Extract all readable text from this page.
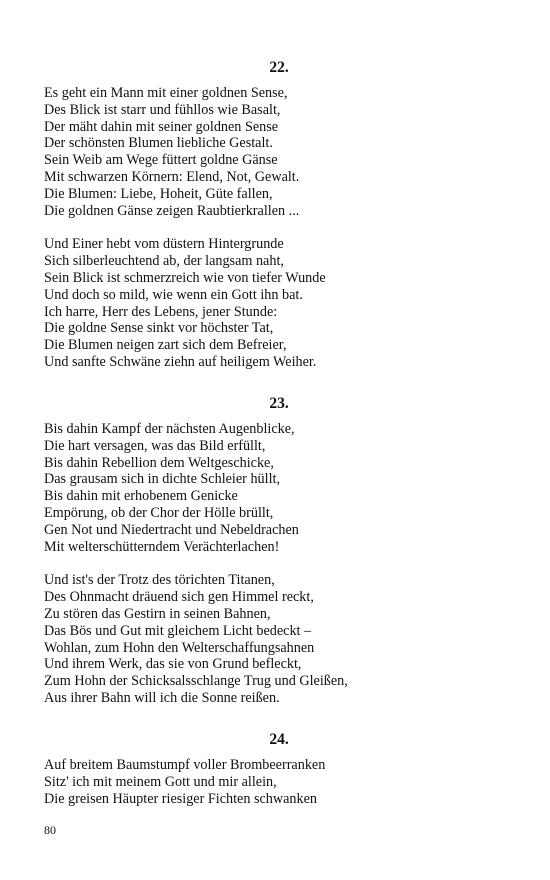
22.
Es geht ein Mann mit einer goldnen Sense,
Des Blick ist starr und fühllos wie Basalt,
Der mäht dahin mit seiner goldnen Sense
Der schönsten Blumen liebliche Gestalt.
Sein Weib am Wege füttert goldne Gänse
Mit schwarzen Körnern: Elend, Not, Gewalt.
Die Blumen: Liebe, Hoheit, Güte fallen,
Die goldnen Gänse zeigen Raubtierkrallen ...
Und Einer hebt vom düstern Hintergrunde
Sich silberleuchtend ab, der langsam naht,
Sein Blick ist schmerzreich wie von tiefer Wunde
Und doch so mild, wie wenn ein Gott ihn bat.
Ich harre, Herr des Lebens, jener Stunde:
Die goldne Sense sinkt vor höchster Tat,
Die Blumen neigen zart sich dem Befreier,
Und sanfte Schwäne ziehn auf heiligem Weiher.
23.
Bis dahin Kampf der nächsten Augenblicke,
Die hart versagen, was das Bild erfüllt,
Bis dahin Rebellion dem Weltgeschicke,
Das grausam sich in dichte Schleier hüllt,
Bis dahin mit erhobenem Genicke
Empörung, ob der Chor der Hölle brüllt,
Gen Not und Niedertracht und Nebeldrachen
Mit welterschütterndem Verächterlachen!
Und ist's der Trotz des törichten Titanen,
Des Ohnmacht dräuend sich gen Himmel reckt,
Zu stören das Gestirn in seinen Bahnen,
Das Bös und Gut mit gleichem Licht bedeckt –
Wohlan, zum Hohn den Welterschaffungsahnen
Und ihrem Werk, das sie von Grund befleckt,
Zum Hohn der Schicksalsschlange Trug und Gleißen,
Aus ihrer Bahn will ich die Sonne reißen.
24.
Auf breitem Baumstumpf voller Brombeerranken
Sitz' ich mit meinem Gott und mir allein,
Die greisen Häupter riesiger Fichten schwanken
80
